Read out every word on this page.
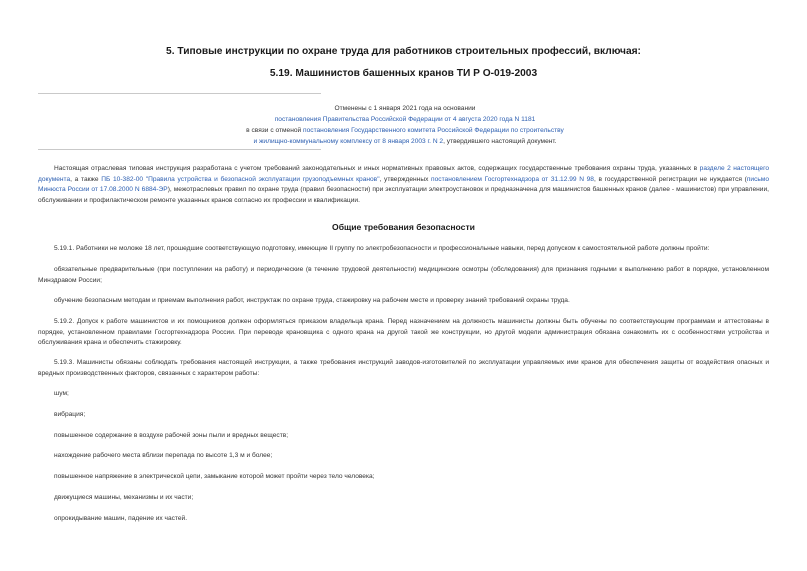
5. Типовые инструкции по охране труда для работников строительных профессий, включая:
5.19. Машинистов башенных кранов ТИ Р О-019-2003
Отменены с 1 января 2021 года на основании
постановления Правительства Российской Федерации от 4 августа 2020 года N 1181
в связи с отменой постановления Государственного комитета Российской Федерации по строительству
и жилищно-коммунальному комплексу от 8 января 2003 г. N 2, утвердившего настоящий документ.
Настоящая отраслевая типовая инструкция разработана с учетом требований законодательных и иных нормативных правовых актов, содержащих государственные требования охраны труда, указанных в разделе 2 настоящего документа, а также ПБ 10-382-00 "Правила устройства и безопасной эксплуатации грузоподъемных кранов", утвержденных постановлением Госгортехнадзора от 31.12.99 N 98, в государственной регистрации не нуждается (письмо Минюста России от 17.08.2000 N 6884-ЭР), межотраслевых правил по охране труда (правил безопасности) при эксплуатации электроустановок и предназначена для машинистов башенных кранов (далее - машинистов) при управлении, обслуживании и профилактическом ремонте указанных кранов согласно их профессии и квалификации.
Общие требования безопасности
5.19.1. Работники не моложе 18 лет, прошедшие соответствующую подготовку, имеющие II группу по электробезопасности и профессиональные навыки, перед допуском к самостоятельной работе должны пройти:
обязательные предварительные (при поступлении на работу) и периодические (в течение трудовой деятельности) медицинские осмотры (обследования) для признания годными к выполнению работ в порядке, установленном Минздравом России;
обучение безопасным методам и приемам выполнения работ, инструктаж по охране труда, стажировку на рабочем месте и проверку знаний требований охраны труда.
5.19.2. Допуск к работе машинистов и их помощников должен оформляться приказом владельца крана. Перед назначением на должность машинисты должны быть обучены по соответствующим программам и аттестованы в порядке, установленном правилами Госгортехнадзора России. При переводе крановщика с одного крана на другой такой же конструкции, но другой модели администрация обязана ознакомить их с особенностями устройства и обслуживания крана и обеспечить стажировку.
5.19.3. Машинисты обязаны соблюдать требования настоящей инструкции, а также требования инструкций заводов-изготовителей по эксплуатации управляемых ими кранов для обеспечения защиты от воздействия опасных и вредных производственных факторов, связанных с характером работы:
шум;
вибрация;
повышенное содержание в воздухе рабочей зоны пыли и вредных веществ;
нахождение рабочего места вблизи перепада по высоте 1,3 м и более;
повышенное напряжение в электрической цепи, замыкание которой может пройти через тело человека;
движущиеся машины, механизмы и их части;
опрокидывание машин, падение их частей.
